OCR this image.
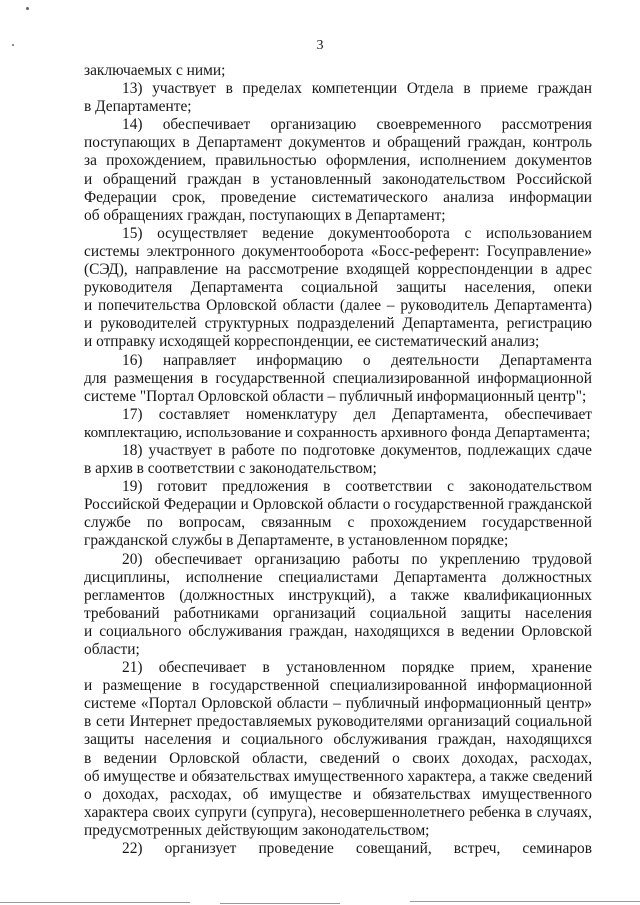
3
заключаемых с ними;
13) участвует в пределах компетенции Отдела в приеме граждан
в Департаменте;
14) обеспечивает организацию своевременного рассмотрения
поступающих в Департамент документов и обращений граждан, контроль
за прохождением, правильностью оформления, исполнением документов
и обращений граждан в установленный законодательством Российской
Федерации срок, проведение систематического анализа информации
об обращениях граждан, поступающих в Департамент;
15) осуществляет ведение документооборота с использованием
системы электронного документооборота «Босс-референт: Госуправление»
(СЭД), направление на рассмотрение входящей корреспонденции в адрес
руководителя Департамента социальной защиты населения, опеки
и попечительства Орловской области (далее – руководитель Департамента)
и руководителей структурных подразделений Департамента, регистрацию
и отправку исходящей корреспонденции, ее систематический анализ;
16) направляет информацию о деятельности Департамента
для размещения в государственной специализированной информационной
системе "Портал Орловской области – публичный информационный центр";
17) составляет номенклатуру дел Департамента, обеспечивает
комплектацию, использование и сохранность архивного фонда Департамента;
18) участвует в работе по подготовке документов, подлежащих сдаче
в архив в соответствии с законодательством;
19) готовит предложения в соответствии с законодательством
Российской Федерации и Орловской области о государственной гражданской
службе по вопросам, связанным с прохождением государственной
гражданской службы в Департаменте, в установленном порядке;
20) обеспечивает организацию работы по укреплению трудовой
дисциплины, исполнение специалистами Департамента должностных
регламентов (должностных инструкций), а также квалификационных
требований работниками организаций социальной защиты населения
и социального обслуживания граждан, находящихся в ведении Орловской
области;
21) обеспечивает в установленном порядке прием, хранение
и размещение в государственной специализированной информационной
системе «Портал Орловской области – публичный информационный центр»
в сети Интернет предоставляемых руководителями организаций социальной
защиты населения и социального обслуживания граждан, находящихся
в ведении Орловской области, сведений о своих доходах, расходах,
об имуществе и обязательствах имущественного характера, а также сведений
о доходах, расходах, об имуществе и обязательствах имущественного
характера своих супруги (супруга), несовершеннолетнего ребенка в случаях,
предусмотренных действующим законодательством;
22) организует проведение совещаний, встреч, семинаров
